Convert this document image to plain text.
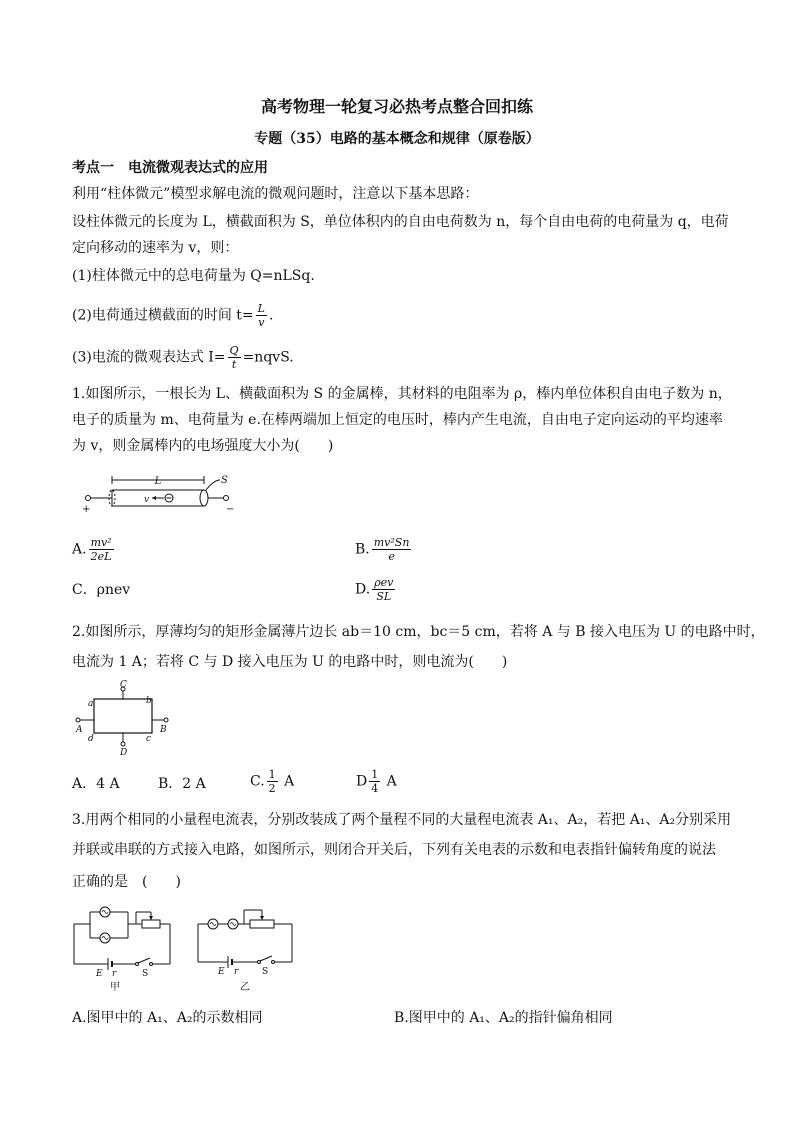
高考物理一轮复习必热考点整合回扣练
专题（35）电路的基本概念和规律（原卷版）
考点一　电流微观表达式的应用
利用“柱体微元”模型求解电流的微观问题时，注意以下基本思路：
设柱体微元的长度为 L，横截面积为 S，单位体积内的自由电荷数为 n，每个自由电荷的电荷量为 q，电荷
定向移动的速率为 v，则：
(1)柱体微元中的总电荷量为 Q=nLSq.
(2)电荷通过横截面的时间 $t= \frac{L}{v}$ .
(3)电流的微观表达式 $I= \frac{Q}{t}$ =nqvS.
1.如图所示，一根长为 L、横截面积为 S 的金属棒，其材料的电阻率为 ρ，棒内单位体积自由电子数为 n，
电子的质量为 m、电荷量为 e.在棒两端加上恒定的电压时，棒内产生电流，自由电子定向运动的平均速率
为 v，则金属棒内的电场强度大小为(　　)
L	S
v
+	−
A. $\frac{\text{mv²}}{2eL}$	B. $\frac{\text{mv²Sn}}{e}$
C．ρnev	D. $\frac{\text{ρev}}{SL}$
2.如图所示，厚薄均匀的矩形金属薄片边长 ab＝10 cm，bc＝5 cm，若将 A 与 B 接入电压为 U 的电路中时，
电流为 1 A；若将 C 与 D 接入电压为 U 的电路中时，则电流为(　　)
C
D
A	B
a	b
c
d
A．4 A	B．2 A	C. $\frac{1}{2}$ A	D $\frac{1}{4}$ A
3.用两个相同的小量程电流表，分别改装成了两个量程不同的大量程电流表 A₁、A₂，若把 A₁、A₂分别采用
并联或串联的方式接入电路，如图所示，则闭合开关后，下列有关电表的示数和电表指针偏转角度的说法
正确的是　(　　)
E r	S
甲
E r	S
乙
A.图甲中的 A₁、A₂的示数相同	B.图甲中的 A₁、A₂的指针偏角相同
